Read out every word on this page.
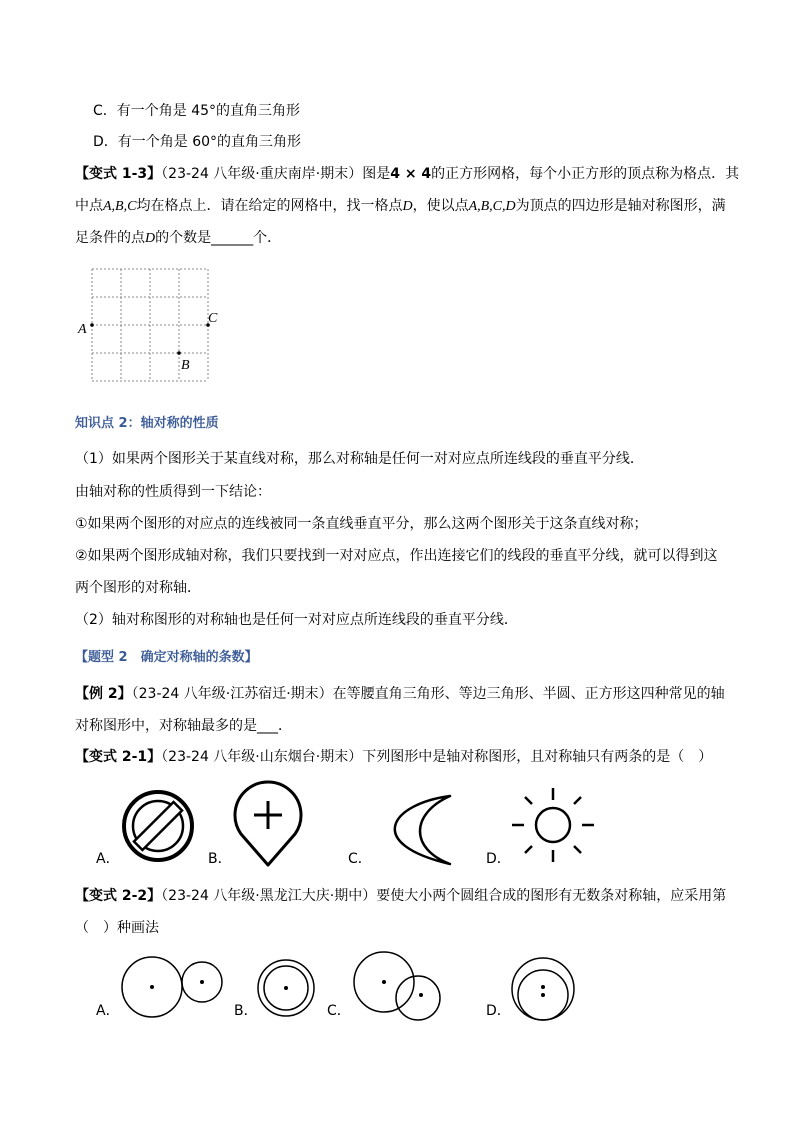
C．有一个角是 45°的直角三角形
D．有一个角是 60°的直角三角形
【变式 1-3】（23-24 八年级·重庆南岸·期末）图是4 × 4的正方形网格，每个小正方形的顶点称为格点．其
中点A,B,C均在格点上．请在给定的网格中，找一格点D，使以点A,B,C,D为顶点的四边形是轴对称图形，满
足条件的点D的个数是______个．
A
C
B
知识点 2：轴对称的性质
（1）如果两个图形关于某直线对称，那么对称轴是任何一对对应点所连线段的垂直平分线．
由轴对称的性质得到一下结论：
①如果两个图形的对应点的连线被同一条直线垂直平分，那么这两个图形关于这条直线对称；
②如果两个图形成轴对称，我们只要找到一对对应点，作出连接它们的线段的垂直平分线，就可以得到这
两个图形的对称轴．
（2）轴对称图形的对称轴也是任何一对对应点所连线段的垂直平分线．
【题型 2　确定对称轴的条数】
【例 2】（23-24 八年级·江苏宿迁·期末）在等腰直角三角形、等边三角形、半圆、正方形这四种常见的轴
对称图形中，对称轴最多的是___．
【变式 2-1】（23-24 八年级·山东烟台·期末）下列图形中是轴对称图形，且对称轴只有两条的是（　）
A．	B．	C．	D．
【变式 2-2】（23-24 八年级·黑龙江大庆·期中）要使大小两个圆组合成的图形有无数条对称轴，应采用第
（　）种画法
A．	B．	C．	D．
